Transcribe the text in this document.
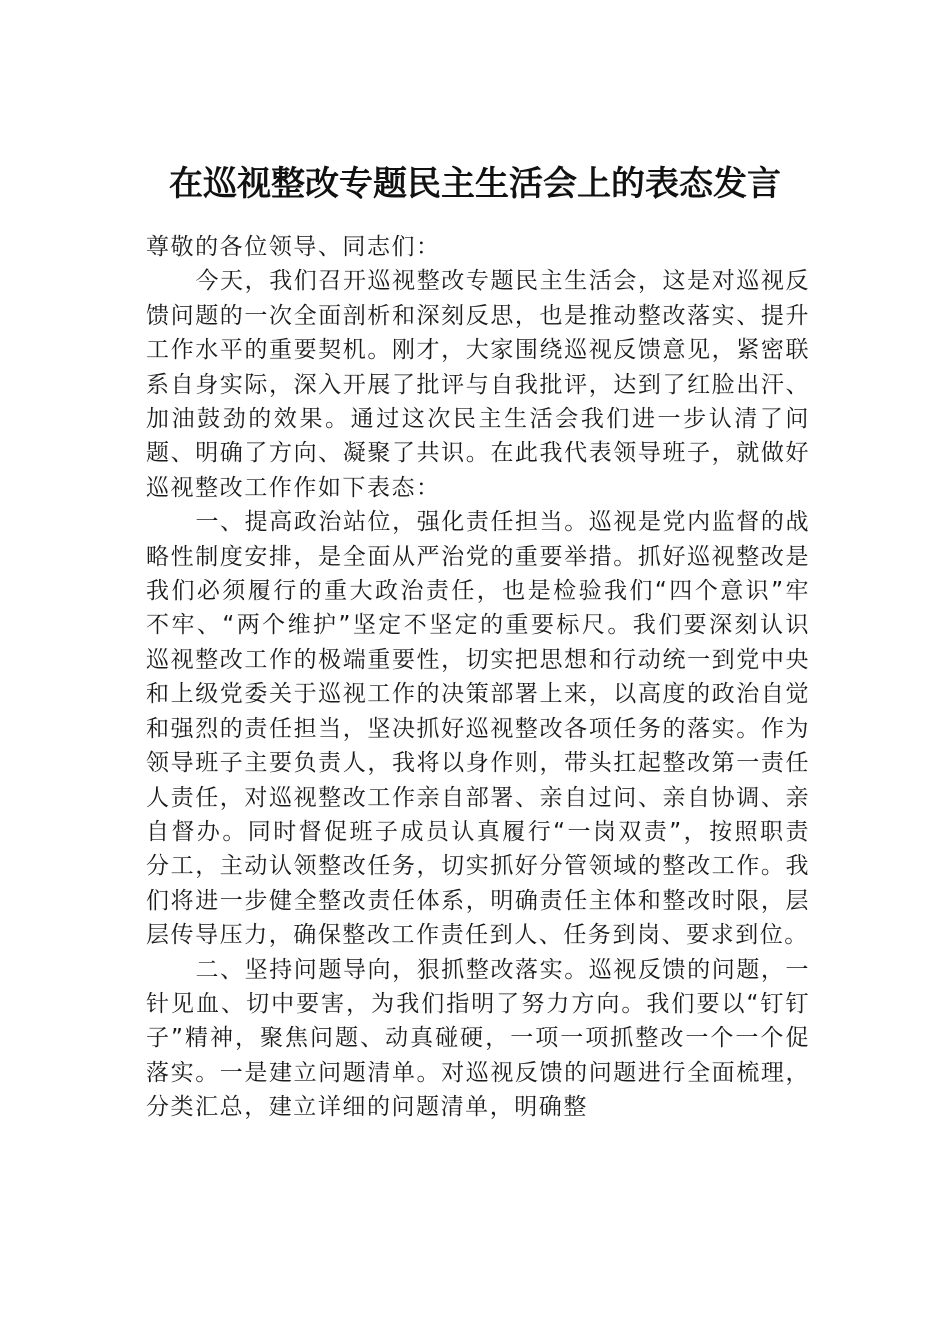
在巡视整改专题民主生活会上的表态发言

尊敬的各位领导、同志们：

今天，我们召开巡视整改专题民主生活会，这是对巡视反馈问题的一次全面剖析和深刻反思，也是推动整改落实、提升工作水平的重要契机。刚才，大家围绕巡视反馈意见，紧密联系自身实际，深入开展了批评与自我批评，达到了红脸出汗、加油鼓劲的效果。通过这次民主生活会我们进一步认清了问题、明确了方向、凝聚了共识。在此我代表领导班子，就做好巡视整改工作作如下表态：

一、提高政治站位，强化责任担当。巡视是党内监督的战略性制度安排，是全面从严治党的重要举措。抓好巡视整改是我们必须履行的重大政治责任，也是检验我们“四个意识”牢不牢、“两个维护”坚定不坚定的重要标尺。我们要深刻认识巡视整改工作的极端重要性，切实把思想和行动统一到党中央和上级党委关于巡视工作的决策部署上来，以高度的政治自觉和强烈的责任担当，坚决抓好巡视整改各项任务的落实。作为领导班子主要负责人，我将以身作则，带头扛起整改第一责任人责任，对巡视整改工作亲自部署、亲自过问、亲自协调、亲自督办。同时督促班子成员认真履行“一岗双责”，按照职责分工，主动认领整改任务，切实抓好分管领域的整改工作。我们将进一步健全整改责任体系，明确责任主体和整改时限，层层传导压力，确保整改工作责任到人、任务到岗、要求到位。

二、坚持问题导向，狠抓整改落实。巡视反馈的问题，一针见血、切中要害，为我们指明了努力方向。我们要以“钉钉子”精神，聚焦问题、动真碰硬，一项一项抓整改一个一个促落实。一是建立问题清单。对巡视反馈的问题进行全面梳理，分类汇总，建立详细的问题清单，明确整
